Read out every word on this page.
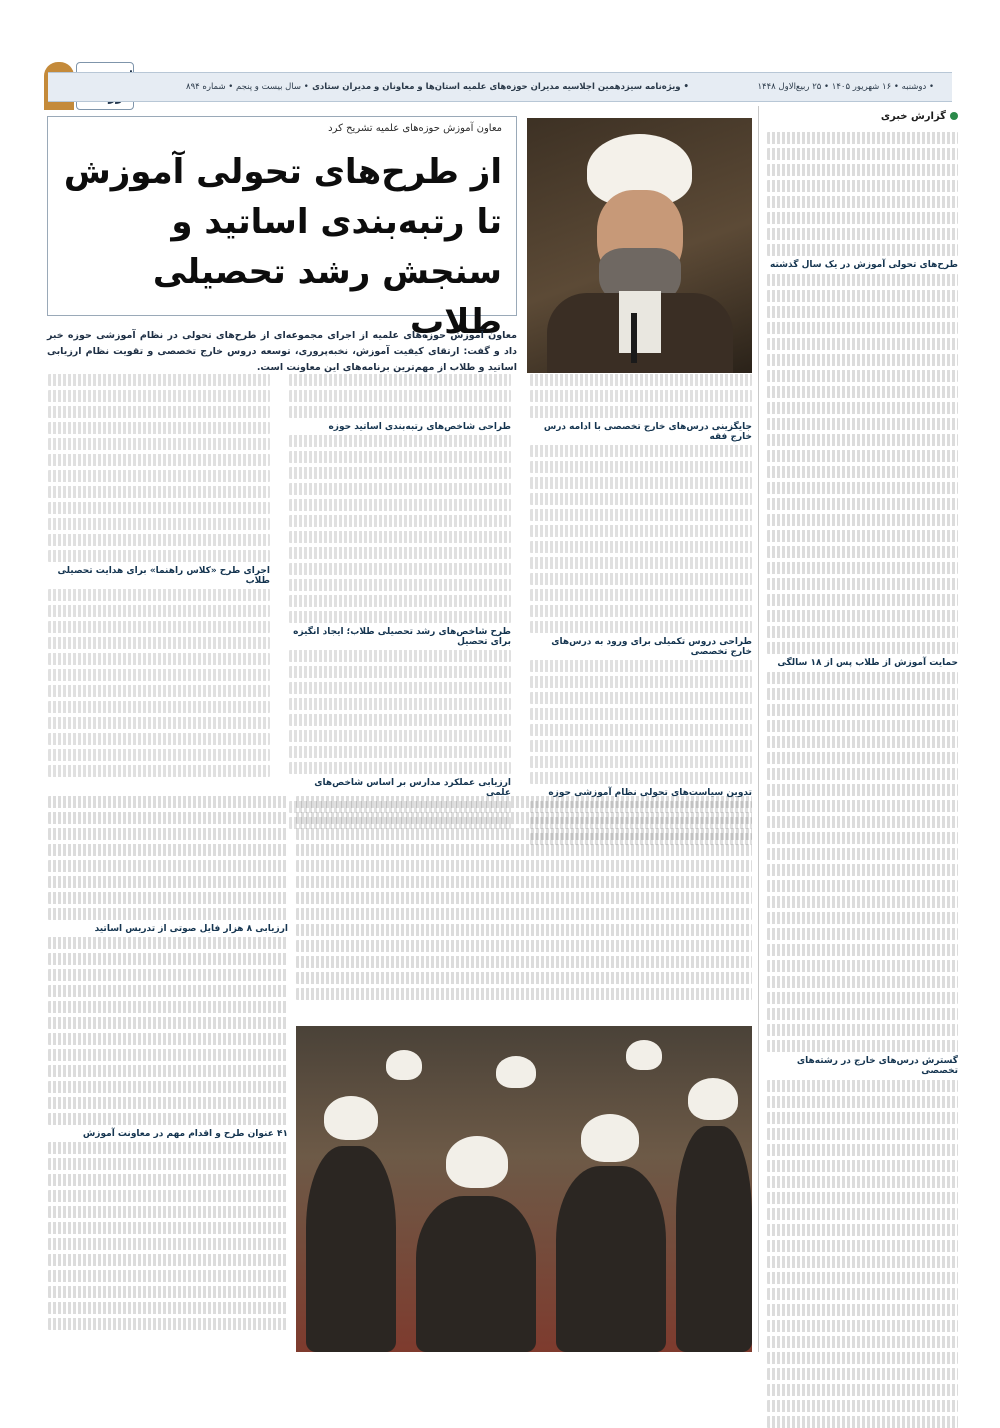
• دوشنبه • ۱۶ شهریور ۱۴۰۵ • ۲۵ ربیع‌الاول ۱۴۴۸
• ویژه‌نامه سیزدهمین اجلاسیه مدیران حوزه‌های علمیه استان‌ها و معاونان و مدیران ستادی
• سال بیست و پنجم • شماره ۸۹۴
گزارش خبری
طرح‌های تحولی آموزش در یک سال گذشته
حمایت آموزش از طلاب پس از ۱۸ سالگی
گسترش درس‌های خارج در رشته‌های تخصصی
معاون آموزش حوزه‌های علمیه تشریح کرد
از طرح‌های تحولی آموزش تا رتبه‌بندی اساتید و سنجش رشد تحصیلی طلاب
معاون آموزش حوزه‌های علمیه از اجرای مجموعه‌ای از طرح‌های تحولی در نظام آموزشی حوزه خبر داد و گفت: ارتقای کیفیت آموزش، نخبه‌پروری، توسعه دروس خارج تخصصی و تقویت نظام ارزیابی اساتید و طلاب از مهم‌ترین برنامه‌های این معاونت است.
جایگزینی درس‌های خارج تخصصی با ادامه درس خارج فقه
طراحی دروس تکمیلی برای ورود به درس‌های خارج تخصصی
تدوین سیاست‌های تحولی نظام آموزشی حوزه
طراحی شاخص‌های رتبه‌بندی اساتید حوزه
طرح شاخص‌های رشد تحصیلی طلاب؛ ایجاد انگیزه برای تحصیل
ارزیابی عملکرد مدارس بر اساس شاخص‌های علمی
اجرای طرح «کلاس راهنما» برای هدایت تحصیلی طلاب
ارزیابی ۸ هزار فایل صوتی از تدریس اساتید
۴۱ عنوان طرح و اقدام مهم در معاونت آموزش
